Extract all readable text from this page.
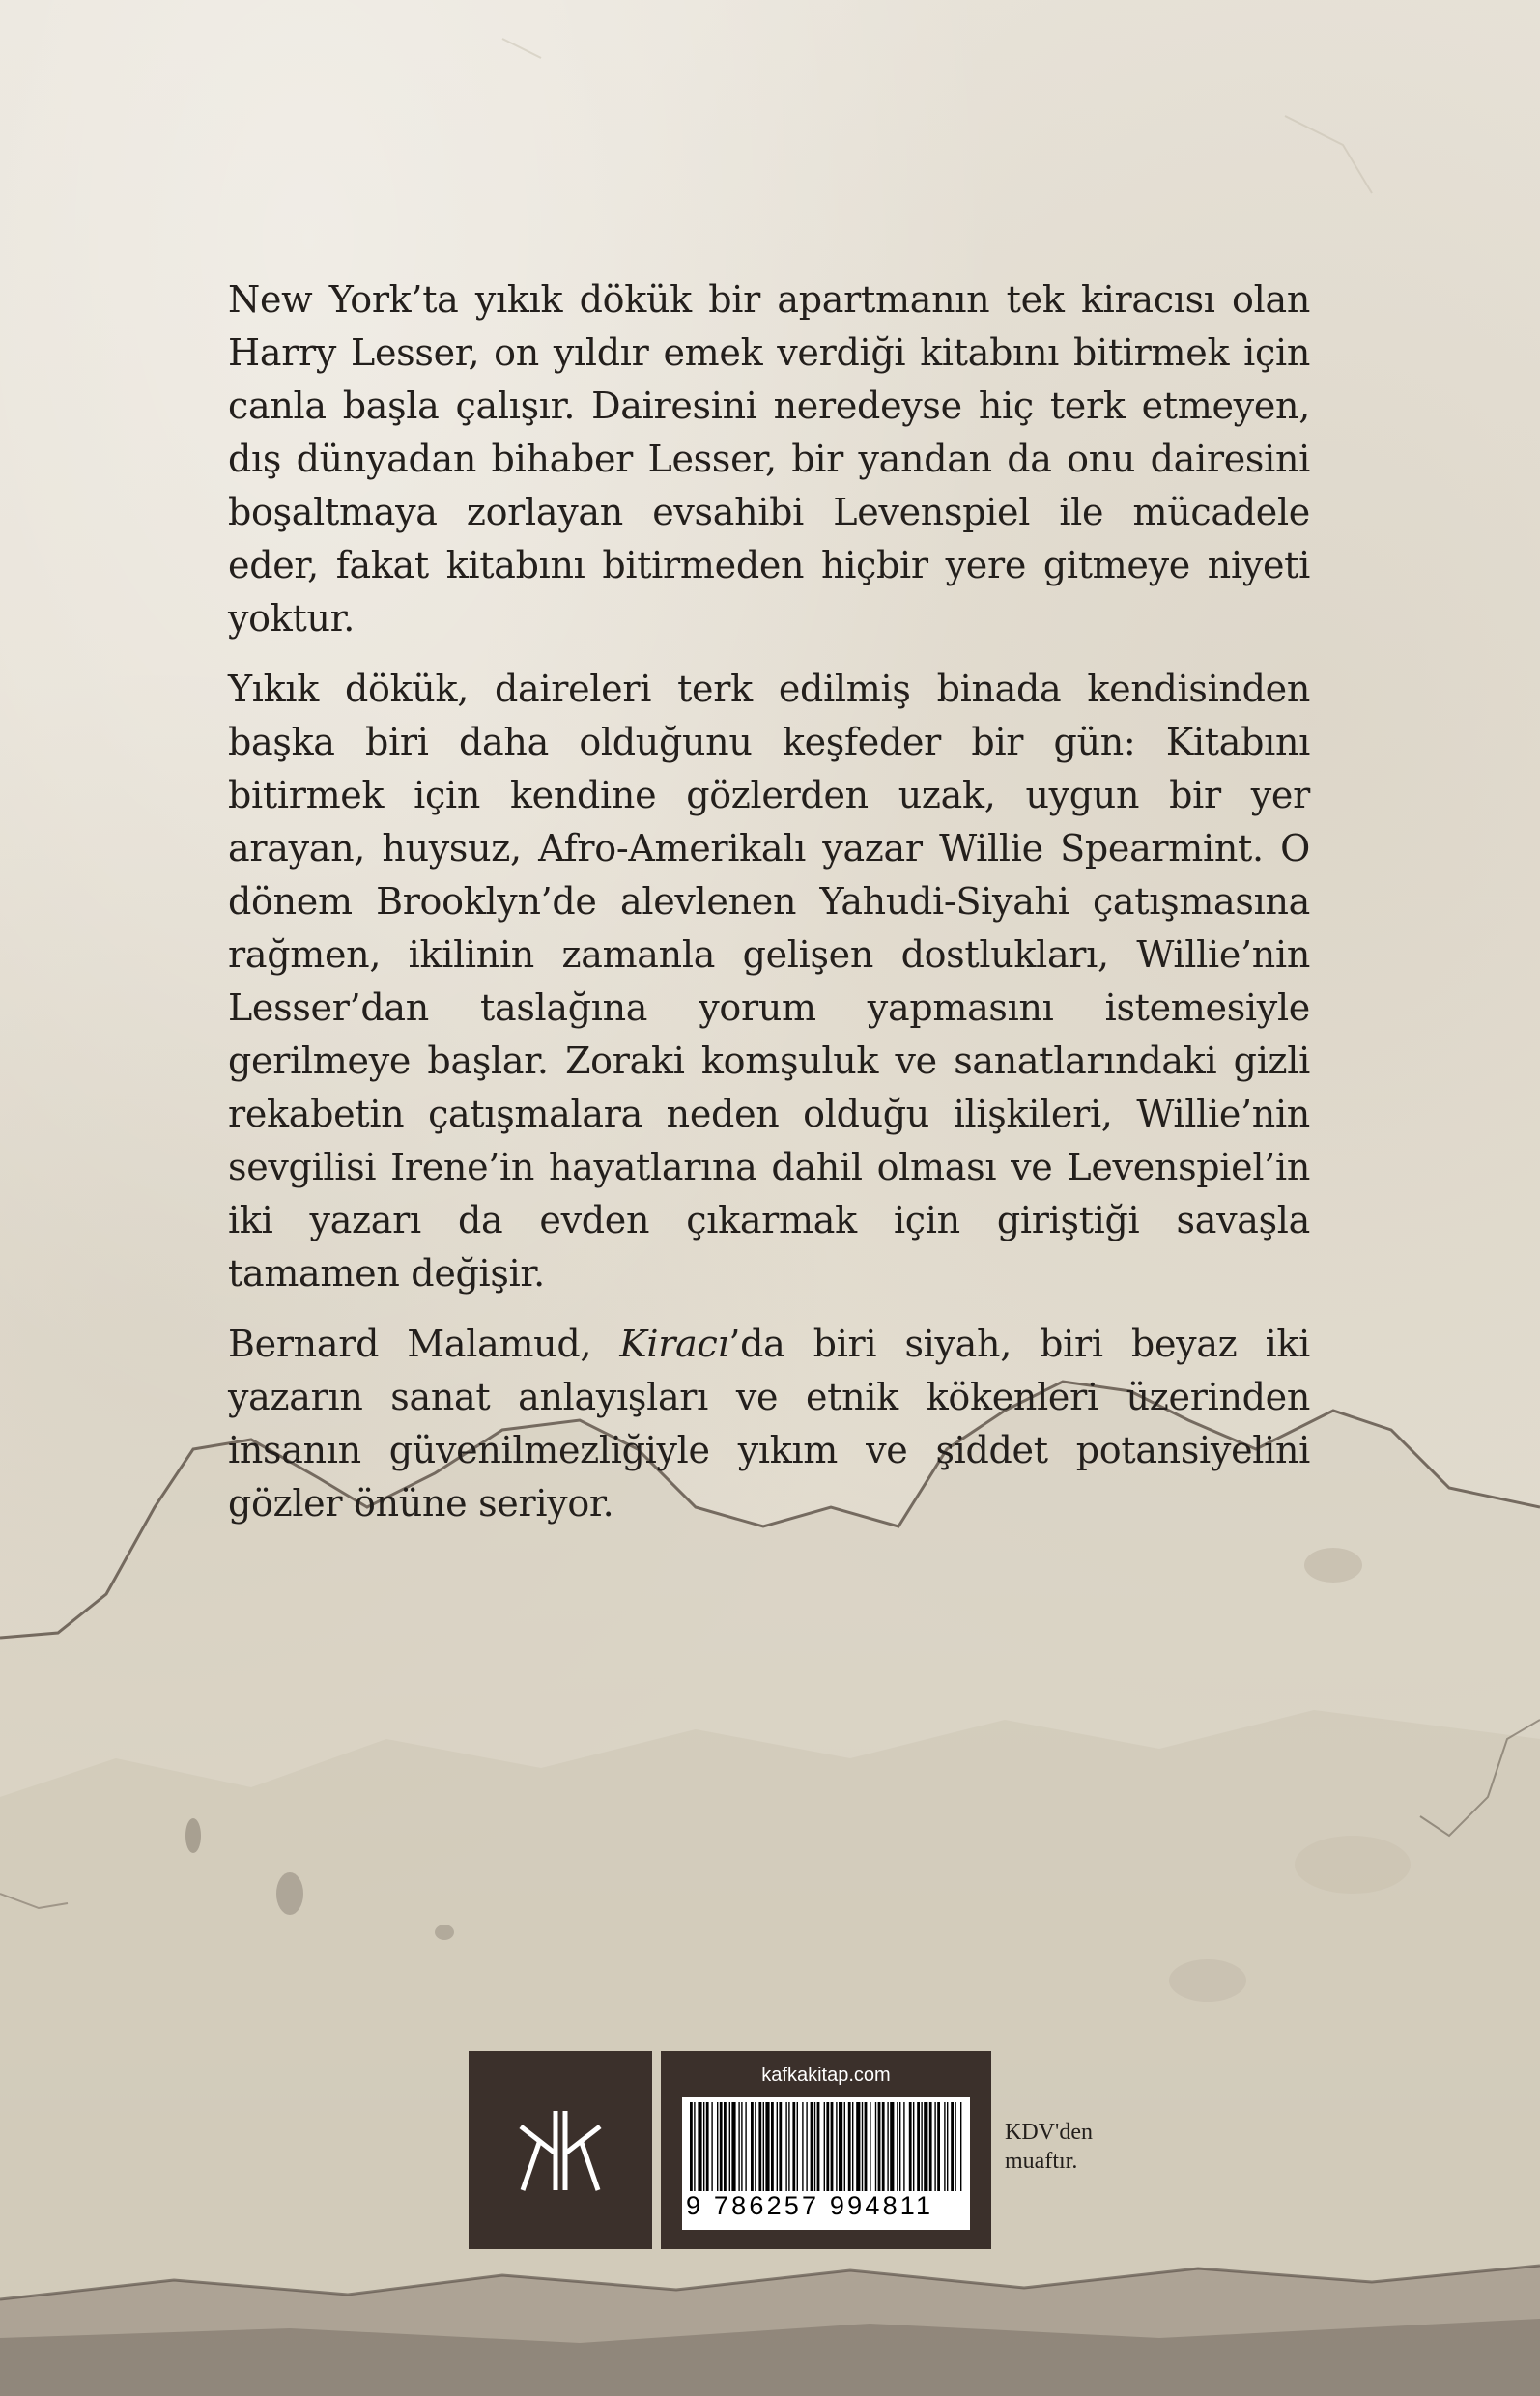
New York’ta yıkık dökük bir apartmanın tek kiracısı olan Harry Lesser, on yıldır emek verdiği kitabını bitirmek için canla başla çalışır. Dairesini neredeyse hiç terk etmeyen, dış dünyadan bihaber Lesser, bir yandan da onu dairesini boşaltmaya zorlayan evsahibi Levenspiel ile mücadele eder, fakat kitabını bitirmeden hiçbir yere gitmeye niyeti yoktur.

Yıkık dökük, daireleri terk edilmiş binada kendisinden başka biri daha olduğunu keşfeder bir gün: Kitabını bitirmek için kendine gözlerden uzak, uygun bir yer arayan, huysuz, Afro-Amerikalı yazar Willie Spearmint. O dönem Brooklyn’de alevlenen Yahudi-Siyahi çatışmasına rağmen, ikilinin zamanla gelişen dostlukları, Willie’nin Lesser’dan taslağına yorum yapmasını istemesiyle gerilmeye başlar. Zoraki komşuluk ve sanatlarındaki gizli rekabetin çatışmalara neden olduğu ilişkileri, Willie’nin sevgilisi Irene’in hayatlarına dahil olması ve Levenspiel’in iki yazarı da evden çıkarmak için giriştiği savaşla tamamen değişir.

Bernard Malamud, Kiracı’da biri siyah, biri beyaz iki yazarın sanat anlayışları ve etnik kökenleri üzerinden insanın güvenilmezliğiyle yıkım ve şiddet potansiyelini gözler önüne seriyor.

kafkakitap.com
9 786257 994811
KDV'den
muaftır.
